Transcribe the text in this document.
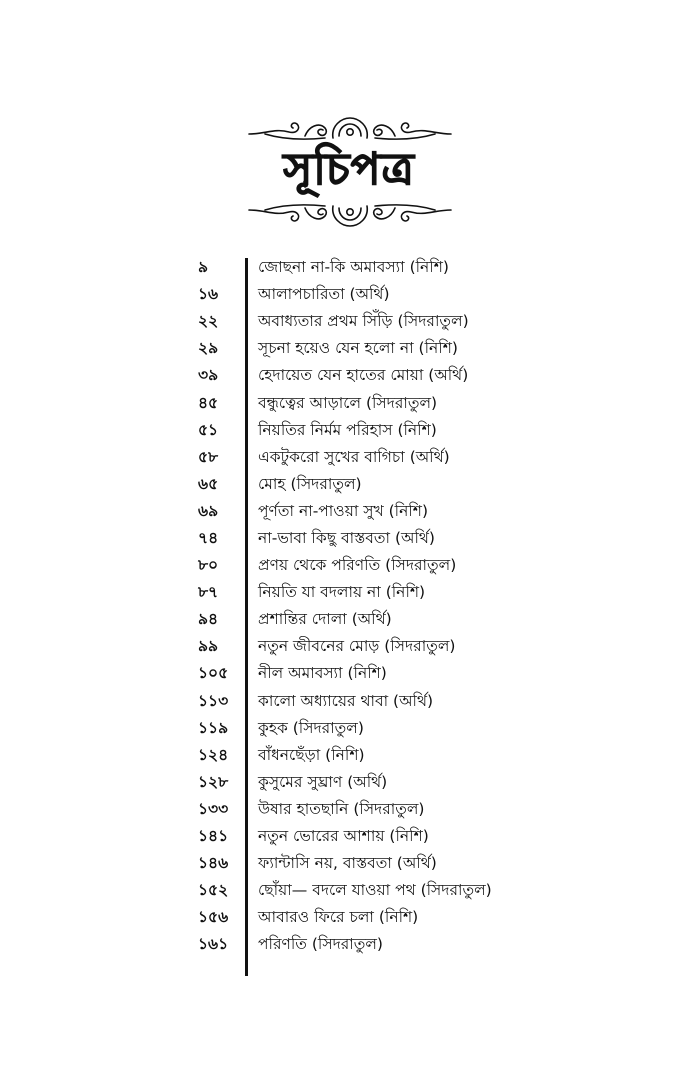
সূচিপত্র
৯	জোছনা না-কি অমাবস্যা (নিশি)
১৬	আলাপচারিতা (অর্থি)
২২	অবাধ্যতার প্রথম সিঁড়ি (সিদরাতুল)
২৯	সূচনা হয়েও যেন হলো না (নিশি)
৩৯	হেদায়েত যেন হাতের মোয়া (অর্থি)
৪৫	বন্ধুত্বের আড়ালে (সিদরাতুল)
৫১	নিয়তির নির্মম পরিহাস (নিশি)
৫৮	একটুকরো সুখের বাগিচা (অর্থি)
৬৫	মোহ (সিদরাতুল)
৬৯	পূর্ণতা না-পাওয়া সুখ (নিশি)
৭৪	না-ভাবা কিছু বাস্তবতা (অর্থি)
৮০	প্রণয় থেকে পরিণতি (সিদরাতুল)
৮৭	নিয়তি যা বদলায় না (নিশি)
৯৪	প্রশান্তির দোলা (অর্থি)
৯৯	নতুন জীবনের মোড় (সিদরাতুল)
১০৫	নীল অমাবস্যা (নিশি)
১১৩	কালো অধ্যায়ের থাবা (অর্থি)
১১৯	কুহক (সিদরাতুল)
১২৪	বাঁধনছেঁড়া (নিশি)
১২৮	কুসুমের সুঘ্রাণ (অর্থি)
১৩৩	উষার হাতছানি (সিদরাতুল)
১৪১	নতুন ভোরের আশায় (নিশি)
১৪৬	ফ্যান্টাসি নয়, বাস্তবতা (অর্থি)
১৫২	ছোঁয়া— বদলে যাওয়া পথ (সিদরাতুল)
১৫৬	আবারও ফিরে চলা (নিশি)
১৬১	পরিণতি (সিদরাতুল)
